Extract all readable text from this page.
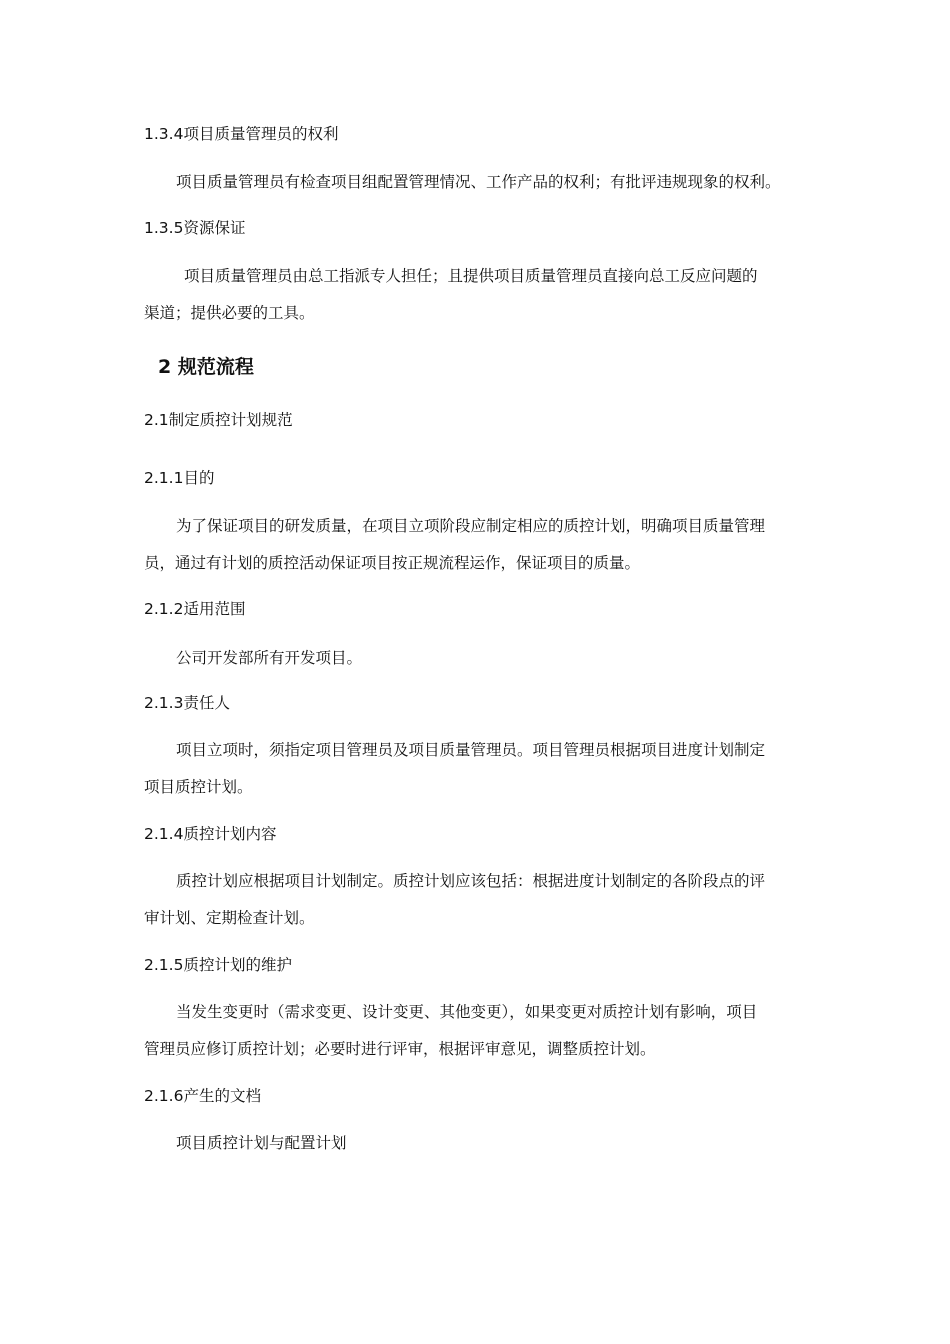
1.3.4项目质量管理员的权利
项目质量管理员有检查项目组配置管理情况、工作产品的权利；有批评违规现象的权利。
1.3.5资源保证
项目质量管理员由总工指派专人担任；且提供项目质量管理员直接向总工反应问题的
渠道；提供必要的工具。
2 规范流程
2.1制定质控计划规范
2.1.1目的
为了保证项目的研发质量，在项目立项阶段应制定相应的质控计划，明确项目质量管理
员，通过有计划的质控活动保证项目按正规流程运作，保证项目的质量。
2.1.2适用范围
公司开发部所有开发项目。
2.1.3责任人
项目立项时，须指定项目管理员及项目质量管理员。项目管理员根据项目进度计划制定
项目质控计划。
2.1.4质控计划内容
质控计划应根据项目计划制定。质控计划应该包括：根据进度计划制定的各阶段点的评
审计划、定期检查计划。
2.1.5质控计划的维护
当发生变更时（需求变更、设计变更、其他变更），如果变更对质控计划有影响，项目
管理员应修订质控计划；必要时进行评审，根据评审意见，调整质控计划。
2.1.6产生的文档
项目质控计划与配置计划
